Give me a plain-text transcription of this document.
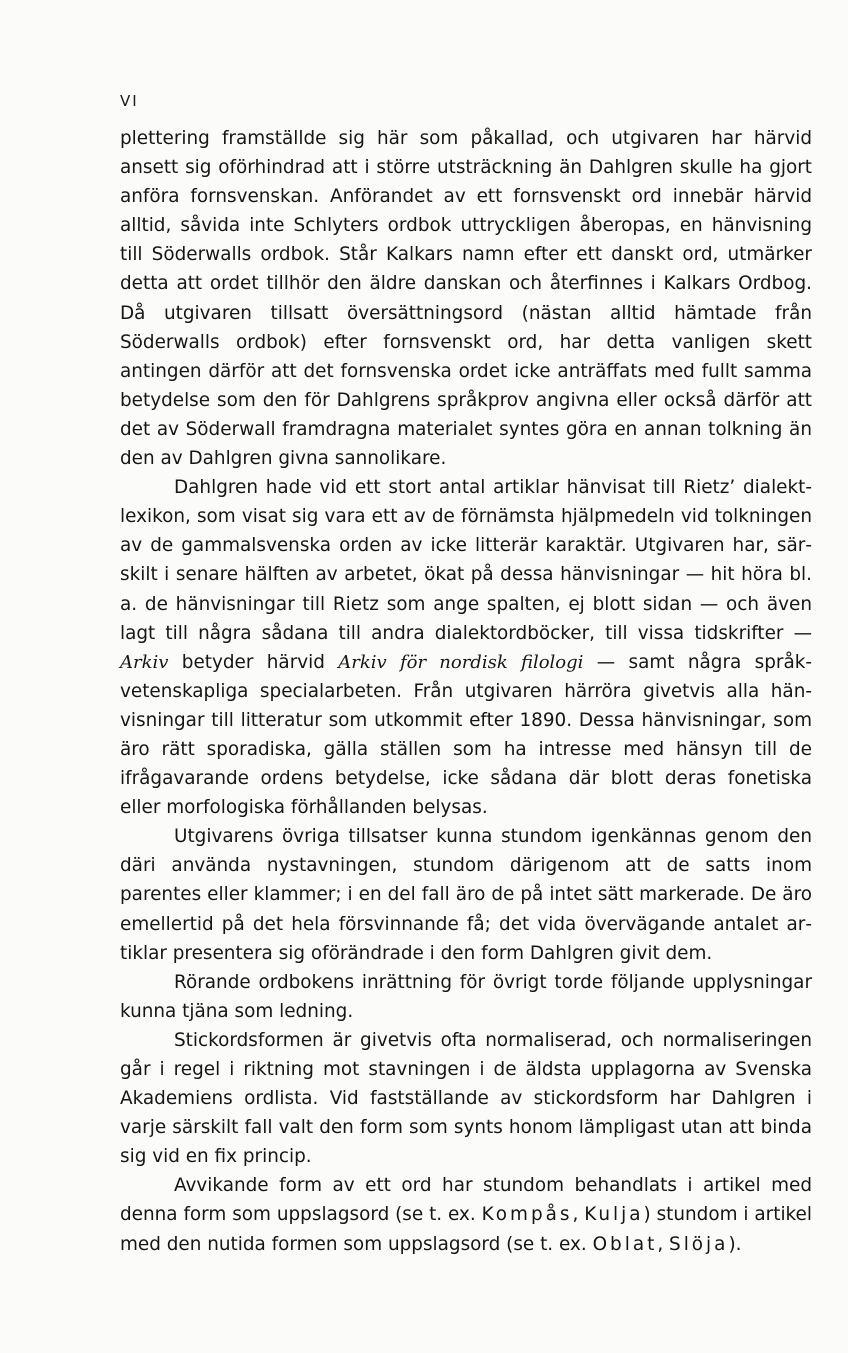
VI

plettering framställde sig här som påkallad, och utgivaren har härvid ansett sig oförhindrad att i större utsträckning än Dahlgren skulle ha gjort anföra fornsvenskan. Anförandet av ett fornsvenskt ord innebär härvid alltid, såvida inte Schlyters ordbok uttryckligen åberopas, en hänvisning till Söderwalls ordbok. Står Kalkars namn efter ett danskt ord, utmärker detta att ordet tillhör den äldre danskan och återfinnes i Kalkars Ordbog. Då utgivaren tillsatt översättningsord (nästan alltid hämtade från Söderwalls ordbok) efter fornsvenskt ord, har detta vanligen skett antingen därför att det fornsvenska ordet icke anträffats med fullt samma betydelse som den för Dahlgrens språkprov angivna eller också därför att det av Söderwall framdragna materialet syntes göra en annan tolkning än den av Dahlgren givna sannolikare.

Dahlgren hade vid ett stort antal artiklar hänvisat till Rietz’ dialektlexikon, som visat sig vara ett av de förnämsta hjälpmedeln vid tolkningen av de gammalsvenska orden av icke litterär karaktär. Utgivaren har, särskilt i senare hälften av arbetet, ökat på dessa hänvisningar — hit höra bl. a. de hänvisningar till Rietz som ange spalten, ej blott sidan — och även lagt till några sådana till andra dialektordböcker, till vissa tidskrifter — Arkiv betyder härvid Arkiv för nordisk filologi — samt några språkvetenskapliga specialarbeten. Från utgivaren härröra givetvis alla hänvisningar till litteratur som utkommit efter 1890. Dessa hänvisningar, som äro rätt sporadiska, gälla ställen som ha intresse med hänsyn till de ifrågavarande ordens betydelse, icke sådana där blott deras fonetiska eller morfologiska förhållanden belysas.

Utgivarens övriga tillsatser kunna stundom igenkännas genom den däri använda nystavningen, stundom därigenom att de satts inom parentes eller klammer; i en del fall äro de på intet sätt markerade. De äro emellertid på det hela försvinnande få; det vida övervägande antalet artiklar presentera sig oförändrade i den form Dahlgren givit dem.

Rörande ordbokens inrättning för övrigt torde följande upplysningar kunna tjäna som ledning.

Stickordsformen är givetvis ofta normaliserad, och normaliseringen går i regel i riktning mot stavningen i de äldsta upplagorna av Svenska Akademiens ordlista. Vid fastställande av stickordsform har Dahlgren i varje särskilt fall valt den form som synts honom lämpligast utan att binda sig vid en fix princip.

Avvikande form av ett ord har stundom behandlats i artikel med denna form som uppslagsord (se t. ex. Kompås, Kulja) stundom i artikel med den nutida formen som uppslagsord (se t. ex. Oblat, Slöja).
